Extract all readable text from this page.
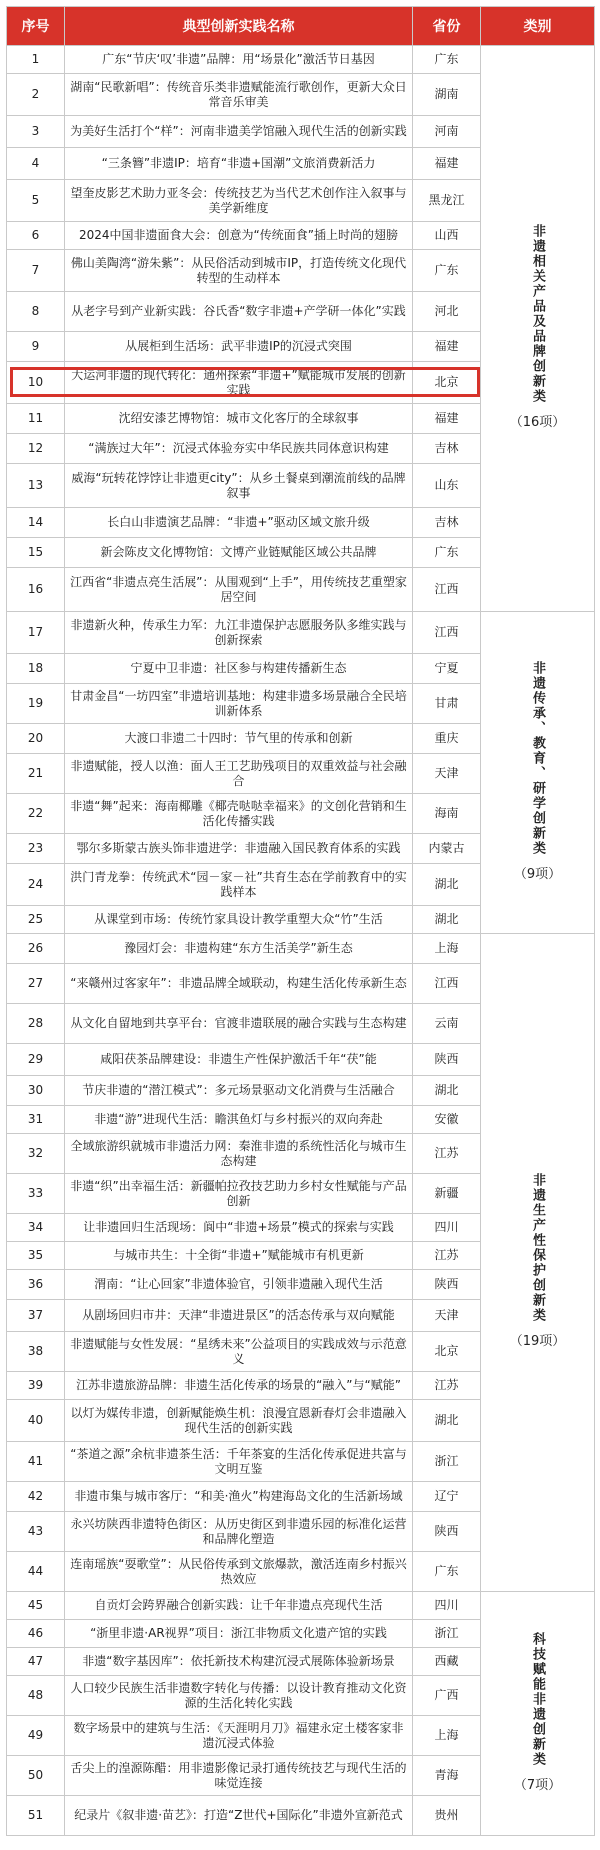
序号	典型创新实践名称	省份	类别
1	广东“节庆‘叹’非遗”品牌：用“场景化”激活节日基因	广东	非遗相关产品及品牌创新类
（16项）

2	湖南“民歌新唱”：传统音乐类非遗赋能流行歌创作，更新大众日常音乐审美	湖南	
3	为美好生活打个“样”：河南非遗美学馆融入现代生活的创新实践	河南	
4	“三条簪”非遗IP：培育“非遗+国潮”文旅消费新活力	福建	
5	望奎皮影艺术助力亚冬会：传统技艺为当代艺术创作注入叙事与美学新维度	黑龙江	
6	2024中国非遗面食大会：创意为“传统面食”插上时尚的翅膀	山西	
7	佛山美陶湾“游朱紫”：从民俗活动到城市IP，打造传统文化现代转型的生动样本	广东	
8	从老字号到产业新实践：谷氏香“数字非遗+产学研一体化”实践	河北	
9	从展柜到生活场：武平非遗IP的沉浸式突围	福建	
10	大运河非遗的现代转化：通州探索“非遗+”赋能城市发展的创新实践	北京	
11	沈绍安漆艺博物馆：城市文化客厅的全球叙事	福建	
12	“满族过大年”：沉浸式体验夯实中华民族共同体意识构建	吉林	
13	威海“玩转花饽饽让非遗更city”：从乡土餐桌到潮流前线的品牌叙事	山东	
14	长白山非遗演艺品牌：“非遗+”驱动区域文旅升级	吉林	
15	新会陈皮文化博物馆：文博产业链赋能区域公共品牌	广东	
16	江西省“非遗点亮生活展”：从围观到“上手”，用传统技艺重塑家居空间	江西	
17	非遗新火种，传承生力军：九江非遗保护志愿服务队多维实践与创新探索	江西	非遗传承、教育、研学创新类
（9项）

18	宁夏中卫非遗：社区参与构建传播新生态	宁夏	
19	甘肃金昌“一坊四室”非遗培训基地：构建非遗多场景融合全民培训新体系	甘肃	
20	大渡口非遗二十四时：节气里的传承和创新	重庆	
21	非遗赋能，授人以渔：面人王工艺助残项目的双重效益与社会融合	天津	
22	非遗“舞”起来：海南椰雕《椰壳哒哒幸福来》的文创化营销和生活化传播实践	海南	
23	鄂尔多斯蒙古族头饰非遗进学：非遗融入国民教育体系的实践	内蒙古	
24	洪门青龙拳：传统武术“园－家－社”共育生态在学前教育中的实践样本	湖北	
25	从课堂到市场：传统竹家具设计教学重塑大众“竹”生活	湖北	
26	豫园灯会：非遗构建“东方生活美学”新生态	上海	非遗生产性保护创新类
（19项）

27	“来赣州过客家年”：非遗品牌全域联动，构建生活化传承新生态	江西	
28	从文化自留地到共享平台：官渡非遗联展的融合实践与生态构建	云南	
29	咸阳茯茶品牌建设：非遗生产性保护激活千年“茯”能	陕西	
30	节庆非遗的“潜江模式”：多元场景驱动文化消费与生活融合	湖北	
31	非遗“游”进现代生活：瞻淇鱼灯与乡村振兴的双向奔赴	安徽	
32	全域旅游织就城市非遗活力网：秦淮非遗的系统性活化与城市生态构建	江苏	
33	非遗“织”出幸福生活：新疆帕拉孜技艺助力乡村女性赋能与产品创新	新疆	
34	让非遗回归生活现场：阆中“非遗+场景”模式的探索与实践	四川	
35	与城市共生：十全街“非遗+”赋能城市有机更新	江苏	
36	渭南：“让心回家”非遗体验官，引领非遗融入现代生活	陕西	
37	从剧场回归市井：天津“非遗进景区”的活态传承与双向赋能	天津	
38	非遗赋能与女性发展：“星绣未来”公益项目的实践成效与示范意义	北京	
39	江苏非遗旅游品牌：非遗生活化传承的场景的“融入”与“赋能”	江苏	
40	以灯为媒传非遗，创新赋能焕生机：浪漫宜恩新春灯会非遗融入现代生活的创新实践	湖北	
41	“茶道之源”余杭非遗茶生活：千年茶宴的生活化传承促进共富与文明互鉴	浙江	
42	非遗市集与城市客厅：“和美·渔火”构建海岛文化的生活新场域	辽宁	
43	永兴坊陕西非遗特色街区：从历史街区到非遗乐园的标准化运营和品牌化塑造	陕西	
44	连南瑶族“耍歌堂”：从民俗传承到文旅爆款，激活连南乡村振兴热效应	广东	
45	自贡灯会跨界融合创新实践：让千年非遗点亮现代生活	四川	科技赋能非遗创新类
（7项）

46	“浙里非遗·AR视界”项目：浙江非物质文化遗产馆的实践	浙江	
47	非遗“数字基因库”：依托新技术构建沉浸式展陈体验新场景	西藏	
48	人口较少民族生活非遗数字转化与传播：以设计教育推动文化资源的生活化转化实践	广西	
49	数字场景中的建筑与生活：《天涯明月刀》福建永定土楼客家非遗沉浸式体验	上海	
50	舌尖上的湟源陈醋：用非遗影像记录打通传统技艺与现代生活的味觉连接	青海	
51	纪录片《叙非遗·苗艺》：打造“Z世代+国际化”非遗外宣新范式	贵州	
